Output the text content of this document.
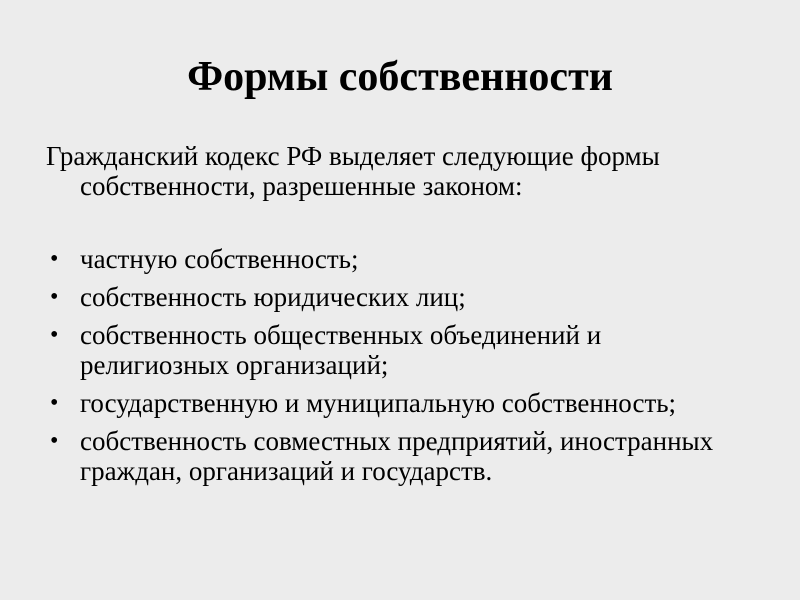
Формы собственности

Гражданский кодекс РФ выделяет следующие формы собственности, разрешенные законом:

• частную собственность;
• собственность юридических лиц;
• собственность общественных объединений и религиозных организаций;
• государственную и муниципальную собственность;
• собственность совместных предприятий, иностранных граждан, организаций и государств.
